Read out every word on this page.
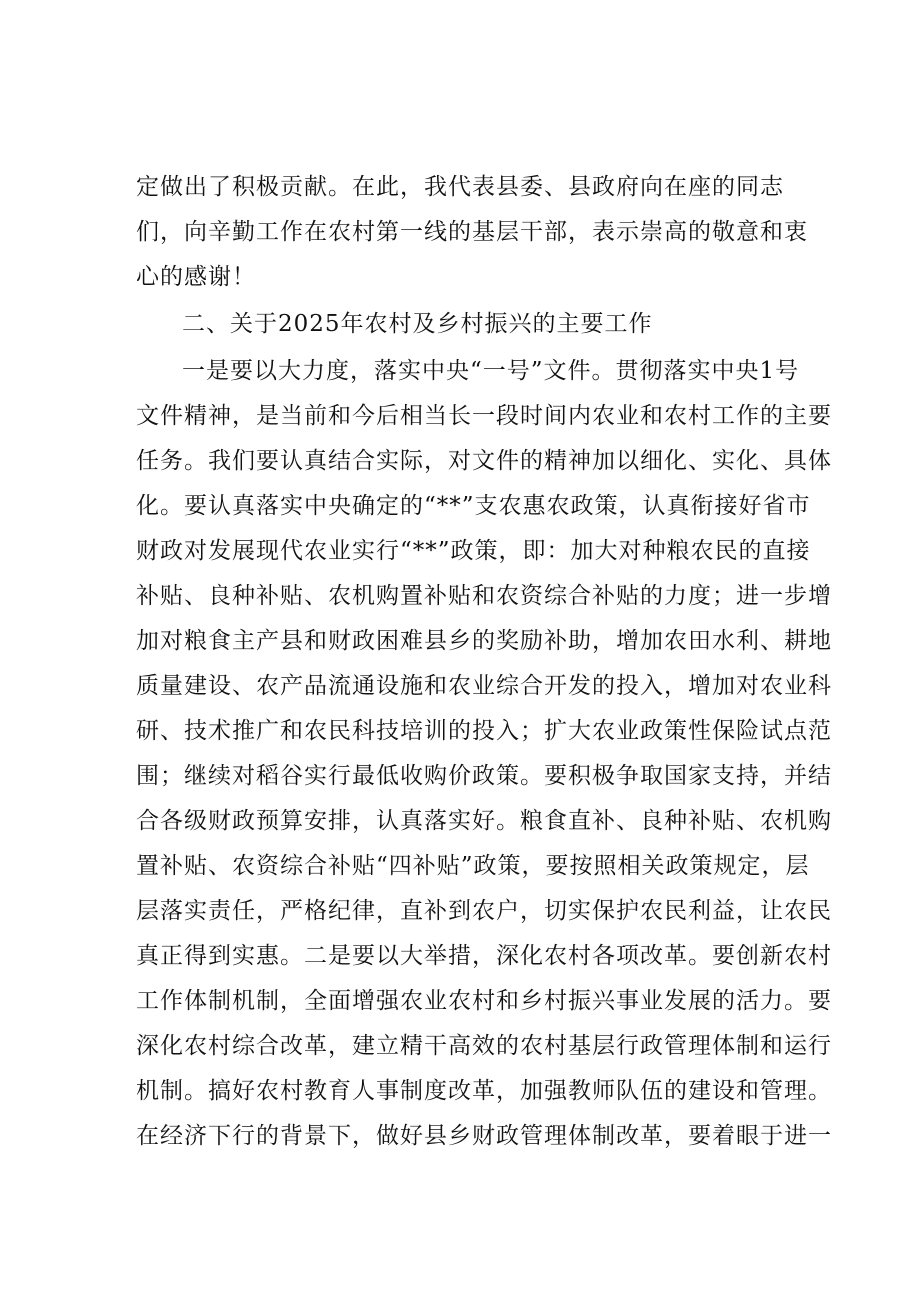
定做出了积极贡献。在此，我代表县委、县政府向在座的同志
们，向辛勤工作在农村第一线的基层干部，表示崇高的敬意和衷
心的感谢！
二、关于2025年农村及乡村振兴的主要工作
一是要以大力度，落实中央“一号”文件。贯彻落实中央1号
文件精神，是当前和今后相当长一段时间内农业和农村工作的主要
任务。我们要认真结合实际，对文件的精神加以细化、实化、具体
化。要认真落实中央确定的“**”支农惠农政策，认真衔接好省市
财政对发展现代农业实行“**”政策，即：加大对种粮农民的直接
补贴、良种补贴、农机购置补贴和农资综合补贴的力度；进一步增
加对粮食主产县和财政困难县乡的奖励补助，增加农田水利、耕地
质量建设、农产品流通设施和农业综合开发的投入，增加对农业科
研、技术推广和农民科技培训的投入；扩大农业政策性保险试点范
围；继续对稻谷实行最低收购价政策。要积极争取国家支持，并结
合各级财政预算安排，认真落实好。粮食直补、良种补贴、农机购
置补贴、农资综合补贴“四补贴”政策，要按照相关政策规定，层
层落实责任，严格纪律，直补到农户，切实保护农民利益，让农民
真正得到实惠。二是要以大举措，深化农村各项改革。要创新农村
工作体制机制，全面增强农业农村和乡村振兴事业发展的活力。要
深化农村综合改革，建立精干高效的农村基层行政管理体制和运行
机制。搞好农村教育人事制度改革，加强教师队伍的建设和管理。
在经济下行的背景下，做好县乡财政管理体制改革，要着眼于进一
